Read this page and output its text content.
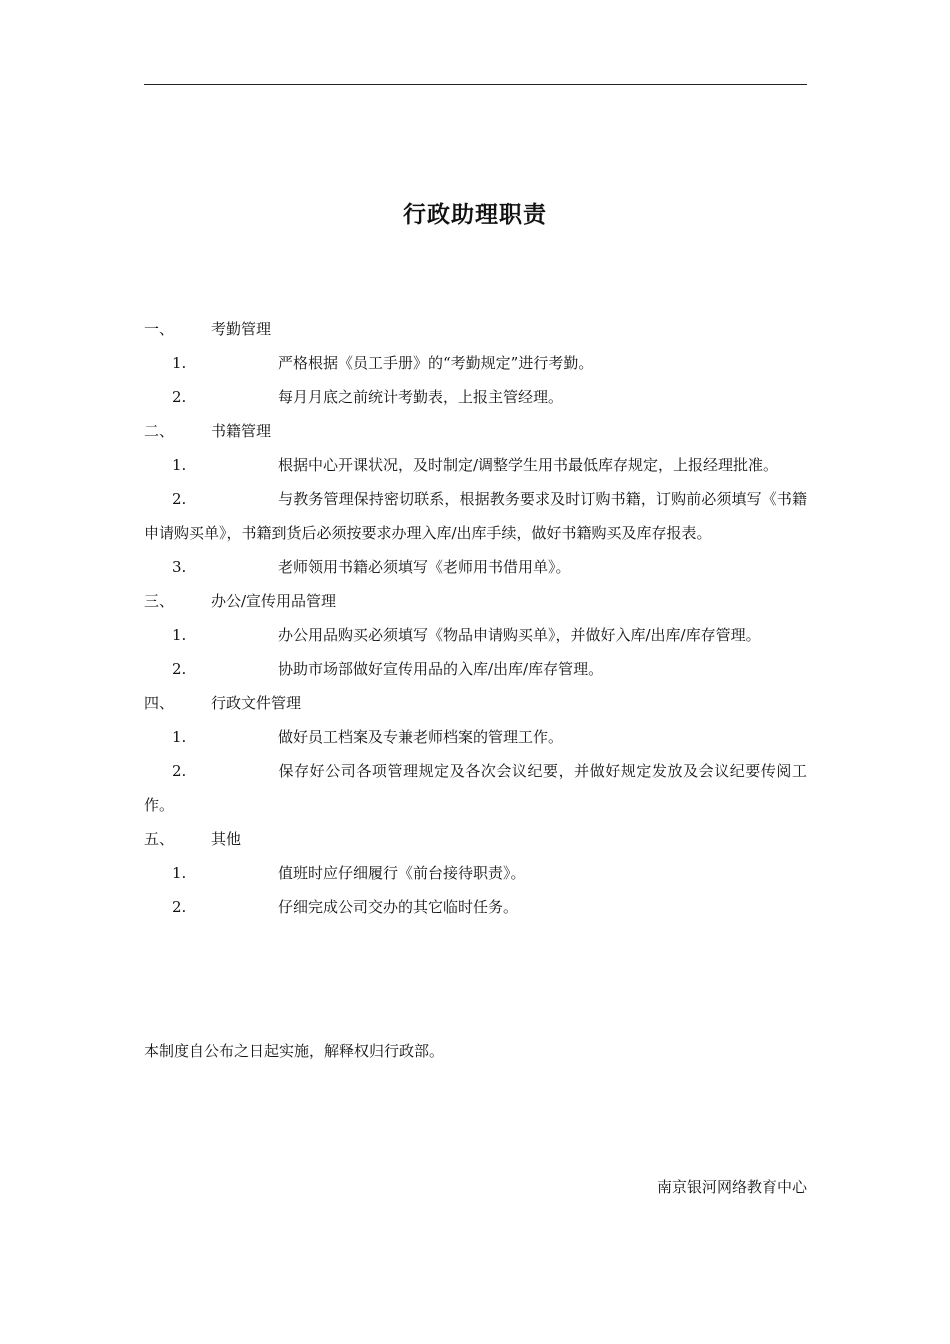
行政助理职责
一、 考勤管理

1.	严格根据《员工手册》的“考勤规定”进行考勤。

2.	每月月底之前统计考勤表，上报主管经理。

二、 书籍管理

1.	根据中心开课状况，及时制定/调整学生用书最低库存规定，上报经理批准。

2.	与教务管理保持密切联系，根据教务要求及时订购书籍，订购前必须填写《书籍申请购买单》，书籍到货后必须按要求办理入库/出库手续，做好书籍购买及库存报表。

3.	老师领用书籍必须填写《老师用书借用单》。

三、 办公/宣传用品管理

1.	办公用品购买必须填写《物品申请购买单》，并做好入库/出库/库存管理。

2.	协助市场部做好宣传用品的入库/出库/库存管理。

四、 行政文件管理

1.	做好员工档案及专兼老师档案的管理工作。

2.	保存好公司各项管理规定及各次会议纪要，并做好规定发放及会议纪要传阅工作。

五、 其他

1.	值班时应仔细履行《前台接待职责》。

2.	仔细完成公司交办的其它临时任务。

本制度自公布之日起实施，解释权归行政部。
南京银河网络教育中心
